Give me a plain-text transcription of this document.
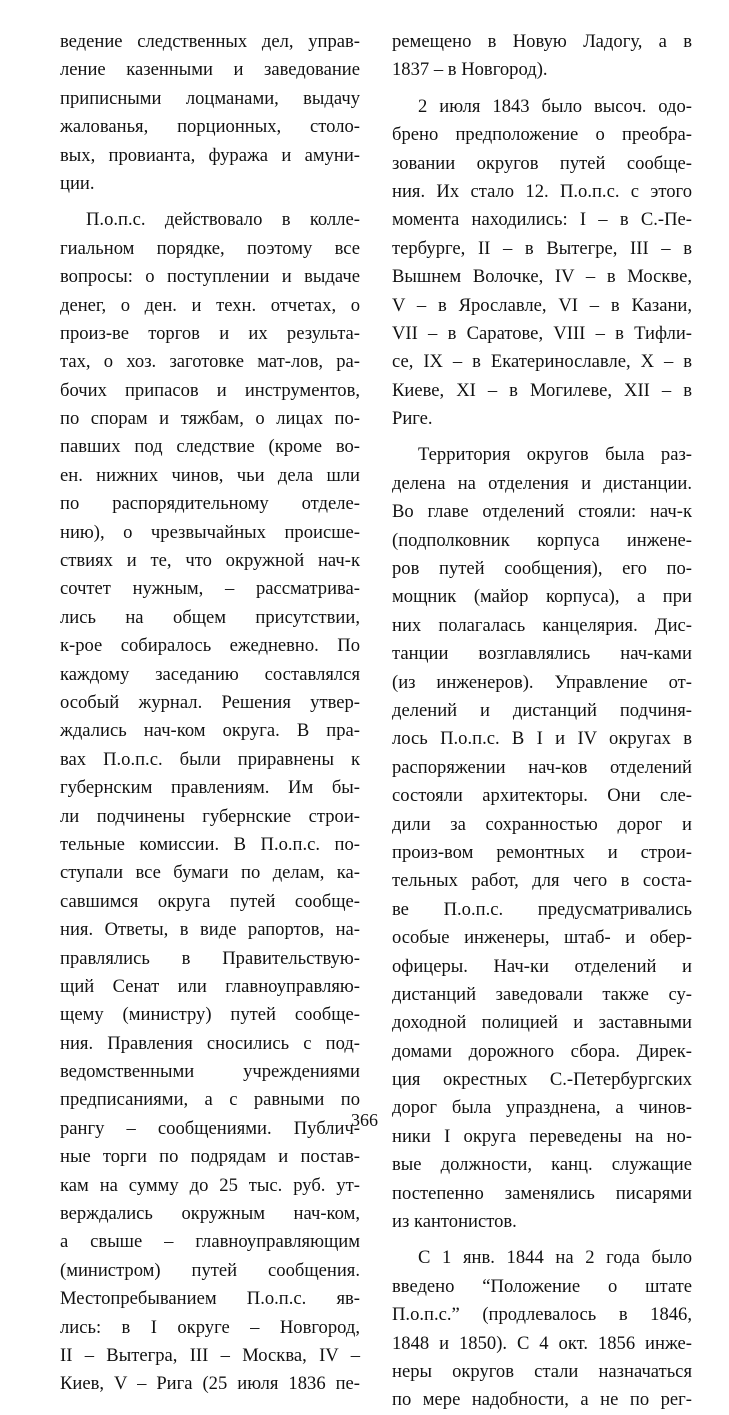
ведение следственных дел, управ-
ление казенными и заведование
приписными лоцманами, выдачу
жалованья, порционных, столо-
вых, провианта, фуража и амуни-
ции.
П.о.п.с. действовало в колле-
гиальном порядке, поэтому все
вопросы: о поступлении и выдаче
денег, о ден. и техн. отчетах, о
произ-ве торгов и их результа-
тах, о хоз. заготовке мат-лов, ра-
бочих припасов и инструментов,
по спорам и тяжбам, о лицах по-
павших под следствие (кроме во-
ен. нижних чинов, чьи дела шли
по распорядительному отделе-
нию), о чрезвычайных происше-
ствиях и те, что окружной нач-к
сочтет нужным, – рассматрива-
лись на общем присутствии,
к-рое собиралось ежедневно. По
каждому заседанию составлялся
особый журнал. Решения утвер-
ждались нач-ком округа. В пра-
вах П.о.п.с. были приравнены к
губернским правлениям. Им бы-
ли подчинены губернские строи-
тельные комиссии. В П.о.п.с. по-
ступали все бумаги по делам, ка-
савшимся округа путей сообще-
ния. Ответы, в виде рапортов, на-
правлялись в Правительствую-
щий Сенат или главноуправляю-
щему (министру) путей сообще-
ния. Правления сносились с под-
ведомственными учреждениями
предписаниями, а с равными по
рангу – сообщениями. Публич-
ные торги по подрядам и постав-
кам на сумму до 25 тыс. руб. ут-
верждались окружным нач-ком,
а свыше – главноуправляющим
(министром) путей сообщения.
Местопребыванием П.о.п.с. яв-
лись: в I округе – Новгород,
II – Вытегра, III – Москва, IV –
Киев, V – Рига (25 июля 1836 пе-
ремещено в Новую Ладогу, а в
1837 – в Новгород).
2 июля 1843 было высоч. одо-
брено предположение о преобра-
зовании округов путей сообще-
ния. Их стало 12. П.о.п.с. с этого
момента находились: I – в С.-Пе-
тербурге, II – в Вытегре, III – в
Вышнем Волочке, IV – в Москве,
V – в Ярославле, VI – в Казани,
VII – в Саратове, VIII – в Тифли-
се, IX – в Екатеринославле, X – в
Киеве, XI – в Могилеве, XII – в
Риге.
Территория округов была раз-
делена на отделения и дистанции.
Во главе отделений стояли: нач-к
(подполковник корпуса инжене-
ров путей сообщения), его по-
мощник (майор корпуса), а при
них полагалась канцелярия. Дис-
танции возглавлялись нач-ками
(из инженеров). Управление от-
делений и дистанций подчиня-
лось П.о.п.с. В I и IV округах в
распоряжении нач-ков отделений
состояли архитекторы. Они сле-
дили за сохранностью дорог и
произ-вом ремонтных и строи-
тельных работ, для чего в соста-
ве П.о.п.с. предусматривались
особые инженеры, штаб- и обер-
офицеры. Нач-ки отделений и
дистанций заведовали также су-
доходной полицией и заставными
домами дорожного сбора. Дирек-
ция окрестных С.-Петербургских
дорог была упразднена, а чинов-
ники I округа переведены на но-
вые должности, канц. служащие
постепенно заменялись писарями
из кантонистов.
С 1 янв. 1844 на 2 года было
введено “Положение о штате
П.о.п.с.” (продлевалось в 1846,
1848 и 1850). С 4 окт. 1856 инже-
неры округов стали назначаться
по мере надобности, а не по рег-
366
